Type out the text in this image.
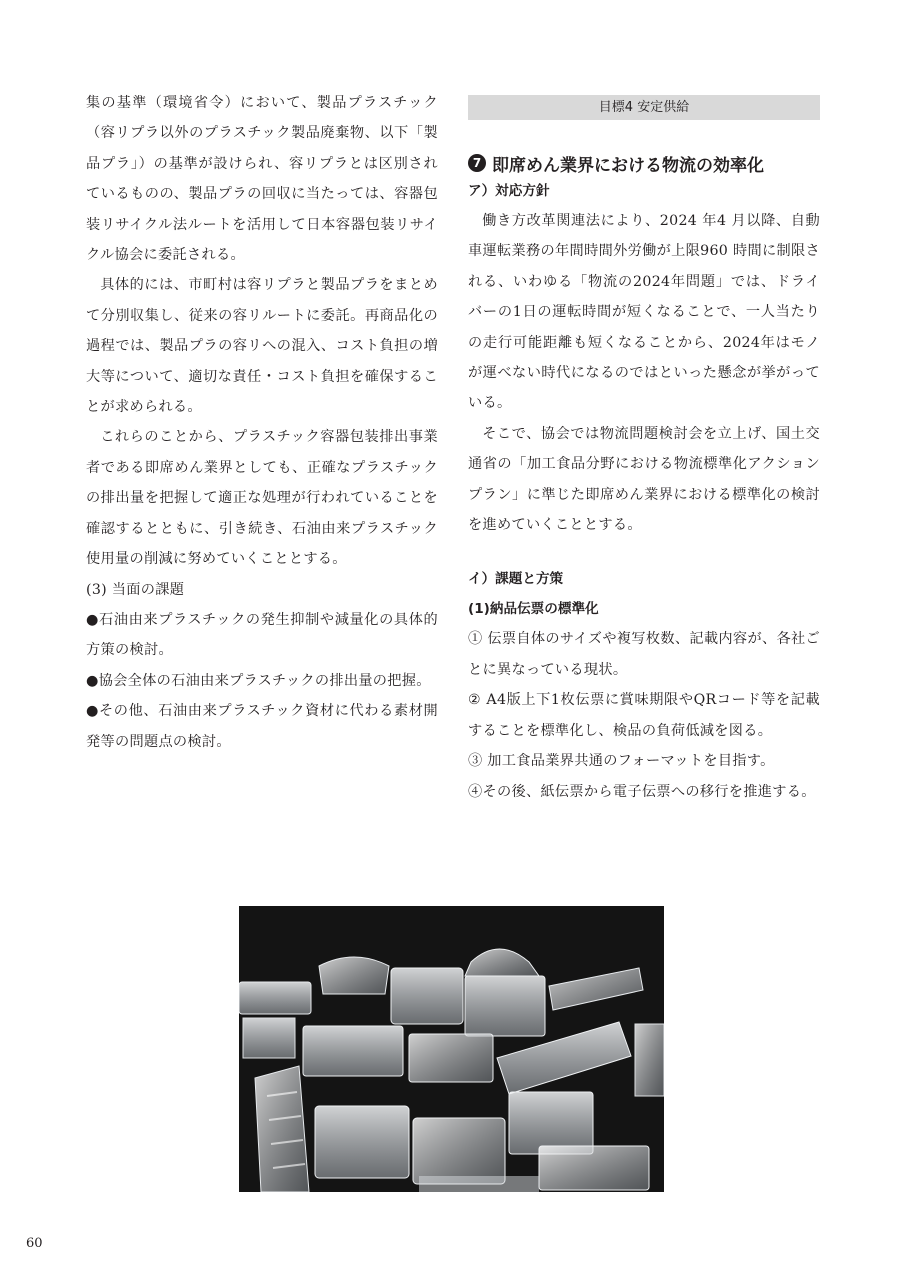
集の基準（環境省令）において、製品プラスチック（容リプラ以外のプラスチック製品廃棄物、以下「製品プラ」）の基準が設けられ、容リプラとは区別されているものの、製品プラの回収に当たっては、容器包装リサイクル法ルートを活用して日本容器包装リサイクル協会に委託される。

具体的には、市町村は容リプラと製品プラをまとめて分別収集し、従来の容リルートに委託。再商品化の過程では、製品プラの容リへの混入、コスト負担の増大等について、適切な責任・コスト負担を確保することが求められる。

これらのことから、プラスチック容器包装排出事業者である即席めん業界としても、正確なプラスチックの排出量を把握して適正な処理が行われていることを確認するとともに、引き続き、石油由来プラスチック使用量の削減に努めていくこととする。

(3) 当面の課題

●石油由来プラスチックの発生抑制や減量化の具体的方策の検討。

●協会全体の石油由来プラスチックの排出量の把握。

●その他、石油由来プラスチック資材に代わる素材開発等の問題点の検討。

目標4 安定供給
7 即席めん業界における物流の効率化

ア）対応方針

働き方改革関連法により、2024 年4 月以降、自動車運転業務の年間時間外労働が上限960 時間に制限される、いわゆる「物流の2024年問題」では、ドライバーの1日の運転時間が短くなることで、一人当たりの走行可能距離も短くなることから、2024年はモノが運べない時代になるのではといった懸念が挙がっている。

そこで、協会では物流問題検討会を立上げ、国土交通省の「加工食品分野における物流標準化アクションプラン」に準じた即席めん業界における標準化の検討を進めていくこととする。

イ）課題と方策

(1)納品伝票の標準化

① 伝票自体のサイズや複写枚数、記載内容が、各社ごとに異なっている現状。

② A4版上下1枚伝票に賞味期限やQRコード等を記載することを標準化し、検品の負荷低減を図る。

③ 加工食品業界共通のフォーマットを目指す。

④その後、紙伝票から電子伝票への移行を推進する。

60
